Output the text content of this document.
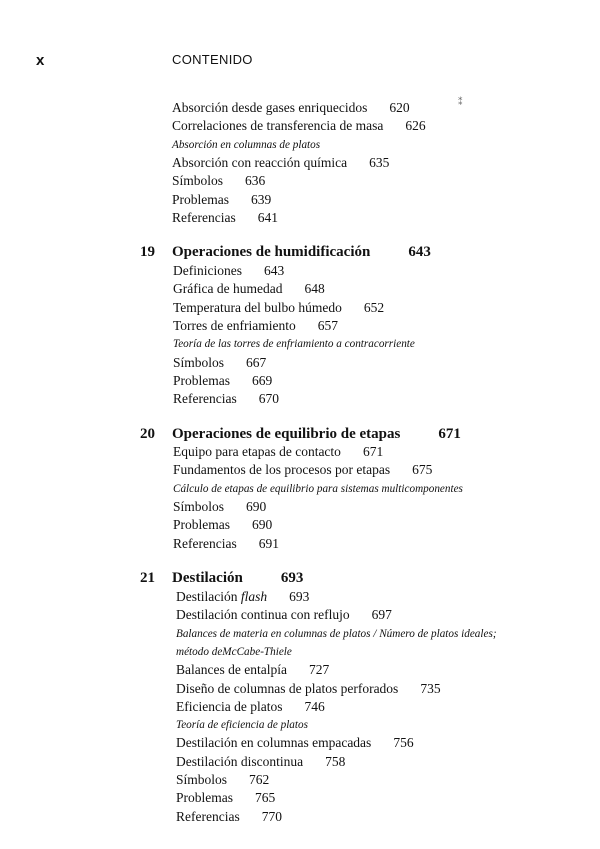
x	CONTENIDO
Absorción desde gases enriquecidos 620
Correlaciones de transferencia de masa 626
Absorción en columnas de platos
Absorción con reacción química 635
Símbolos 636
Problemas 639
Referencias 641
19 Operaciones de humidificación	643
Definiciones 643
Gráfica de humedad 648
Temperatura del bulbo húmedo 652
Torres de enfriamiento 657
Teoría de las torres de enfriamiento a contracorriente
Símbolos 667
Problemas 669
Referencias 670
20 Operaciones de equilibrio de etapas	671
Equipo para etapas de contacto 671
Fundamentos de los procesos por etapas 675
Cálculo de etapas de equilibrio para sistemas multicomponentes
Símbolos 690
Problemas 690
Referencias 691
21 Destilación	693
Destilación flash 693
Destilación continua con reflujo 697
Balances de materia en columnas de platos / Número de platos ideales;
método deMcCabe-Thiele
Balances de entalpía 727
Diseño de columnas de platos perforados 735
Eficiencia de platos 746
Teoría de eficiencia de platos
Destilación en columnas empacadas 756
Destilación discontinua 758
Símbolos 762
Problemas 765
Referencias 770
⁑
